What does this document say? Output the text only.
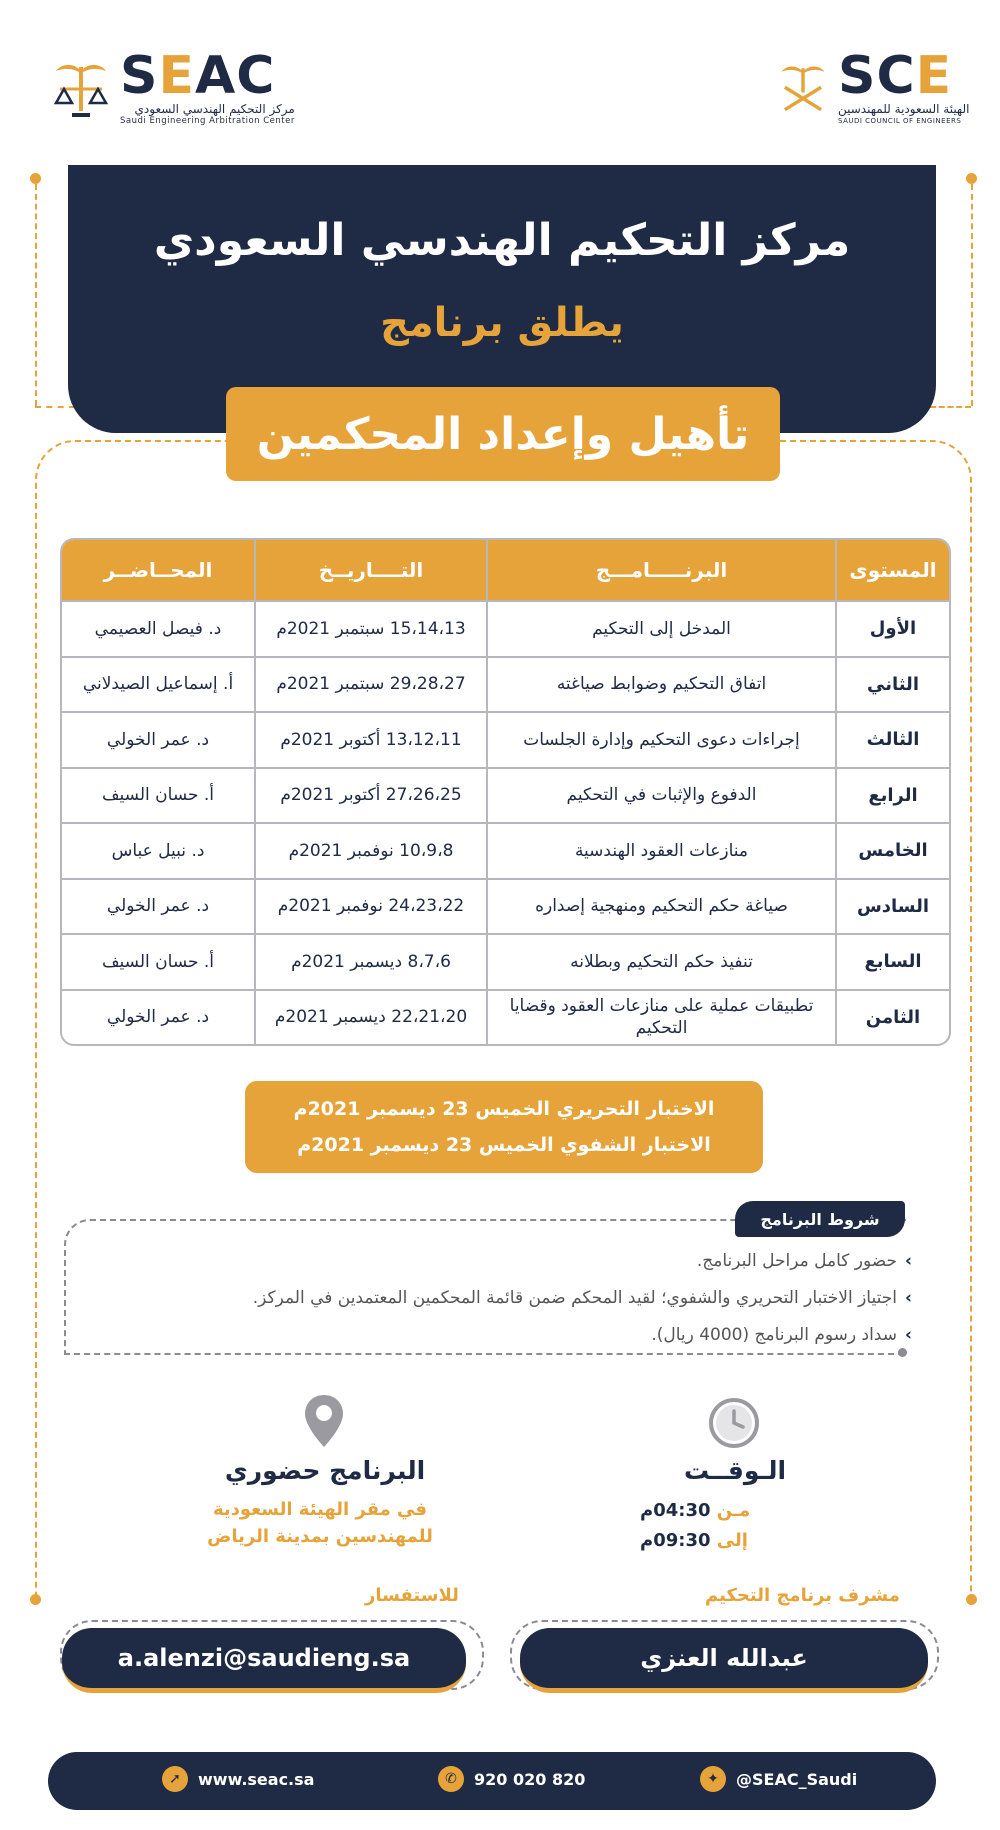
SEAC
مركز التحكيم الهندسي السعودي
Saudi Engineering Arbitration Center
SCE
الهيئة السعودية للمهندسين
SAUDI COUNCIL OF ENGINEERS
مركز التحكيم الهندسي السعودي
يطلق برنامج
تأهيل وإعداد المحكمين
المستوى	البرنـــــامـــج	التــــاريــخ	المحــاضــر
الأول	المدخل إلى التحكيم	15،14،13 سبتمبر 2021م	د. فيصل العصيمي
الثاني	اتفاق التحكيم وضوابط صياغته	29،28،27 سبتمبر 2021م	أ. إسماعيل الصيدلاني
الثالث	إجراءات دعوى التحكيم وإدارة الجلسات	13،12،11 أكتوبر 2021م	د. عمر الخولي
الرابع	الدفوع والإثبات في التحكيم	27،26،25 أكتوبر 2021م	أ. حسان السيف
الخامس	منازعات العقود الهندسية	10،9،8 نوفمبر 2021م	د. نبيل عباس
السادس	صياغة حكم التحكيم ومنهجية إصداره	24،23،22 نوفمبر 2021م	د. عمر الخولي
السابع	تنفيذ حكم التحكيم وبطلانه	8،7،6 ديسمبر 2021م	أ. حسان السيف
الثامن	تطبيقات عملية على منازعات العقود وقضايا التحكيم	22،21،20 ديسمبر 2021م	د. عمر الخولي
الاختبار التحريري الخميس 23 ديسمبر 2021م
الاختبار الشفوي الخميس 23 ديسمبر 2021م
شروط البرنامج
›حضور كامل مراحل البرنامج.
›اجتياز الاختبار التحريري والشفوي؛ لقيد المحكم ضمن قائمة المحكمين المعتمدين في المركز.
›سداد رسوم البرنامج (4000 ريال).
الـوقــت
مـن 04:30م
إلى 09:30م
البرنامج حضوري
في مقر الهيئة السعودية
للمهندسين بمدينة الرياض
مشرف برنامج التحكيم
للاستفسار
a.alenzi@saudieng.sa	عبدالله العنزي
➚	www.seac.sa	✆	920 020 820	✦	@SEAC_Saudi
